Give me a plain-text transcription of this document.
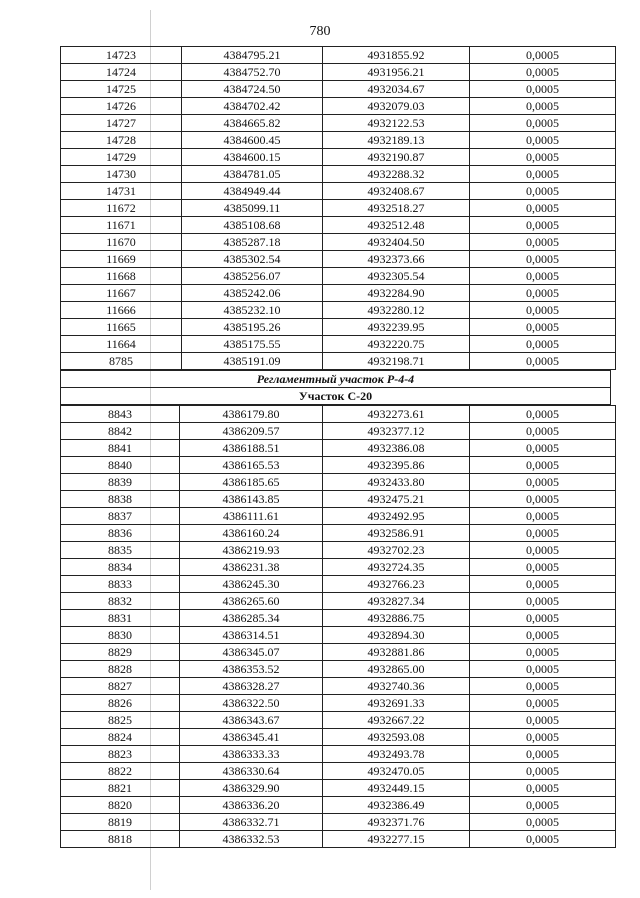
780
14723	4384795.21	4931855.92	0,0005
14724	4384752.70	4931956.21	0,0005
14725	4384724.50	4932034.67	0,0005
14726	4384702.42	4932079.03	0,0005
14727	4384665.82	4932122.53	0,0005
14728	4384600.45	4932189.13	0,0005
14729	4384600.15	4932190.87	0,0005
14730	4384781.05	4932288.32	0,0005
14731	4384949.44	4932408.67	0,0005
11672	4385099.11	4932518.27	0,0005
11671	4385108.68	4932512.48	0,0005
11670	4385287.18	4932404.50	0,0005
11669	4385302.54	4932373.66	0,0005
11668	4385256.07	4932305.54	0,0005
11667	4385242.06	4932284.90	0,0005
11666	4385232.10	4932280.12	0,0005
11665	4385195.26	4932239.95	0,0005
11664	4385175.55	4932220.75	0,0005
8785	4385191.09	4932198.71	0,0005
Регламентный участок Р-4-4
Участок С-20
8843	4386179.80	4932273.61	0,0005
8842	4386209.57	4932377.12	0,0005
8841	4386188.51	4932386.08	0,0005
8840	4386165.53	4932395.86	0,0005
8839	4386185.65	4932433.80	0,0005
8838	4386143.85	4932475.21	0,0005
8837	4386111.61	4932492.95	0,0005
8836	4386160.24	4932586.91	0,0005
8835	4386219.93	4932702.23	0,0005
8834	4386231.38	4932724.35	0,0005
8833	4386245.30	4932766.23	0,0005
8832	4386265.60	4932827.34	0,0005
8831	4386285.34	4932886.75	0,0005
8830	4386314.51	4932894.30	0,0005
8829	4386345.07	4932881.86	0,0005
8828	4386353.52	4932865.00	0,0005
8827	4386328.27	4932740.36	0,0005
8826	4386322.50	4932691.33	0,0005
8825	4386343.67	4932667.22	0,0005
8824	4386345.41	4932593.08	0,0005
8823	4386333.33	4932493.78	0,0005
8822	4386330.64	4932470.05	0,0005
8821	4386329.90	4932449.15	0,0005
8820	4386336.20	4932386.49	0,0005
8819	4386332.71	4932371.76	0,0005
8818	4386332.53	4932277.15	0,0005
